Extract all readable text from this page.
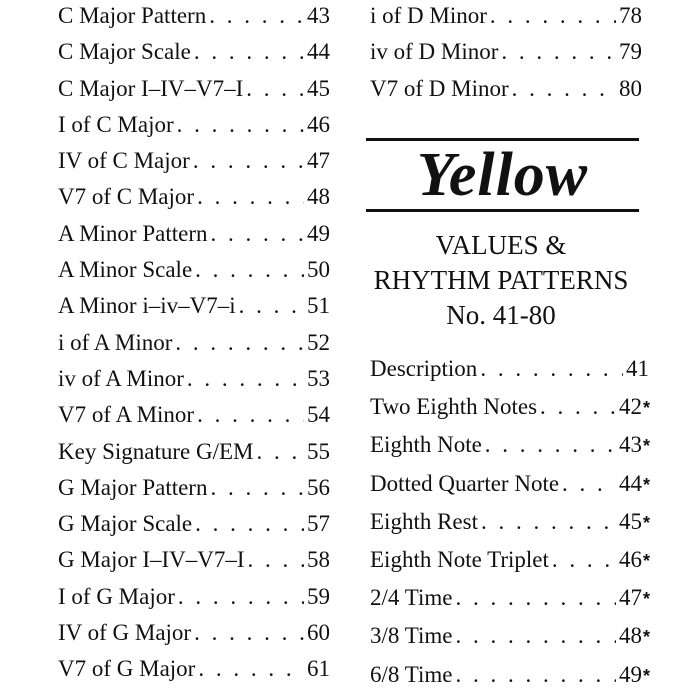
C Major Pattern . . .	43
C Major Scale . . .	44
C Major I–IV–V7–I . . .	45
I of C Major . . .	46
IV of C Major . . .	47
V7 of C Major . . .	48
A Minor Pattern . . .	49
A Minor Scale . . .	50
A Minor i–iv–V7–i . . .	51
i of A Minor . . .	52
iv of A Minor . . .	53
V7 of A Minor . . .	54
Key Signature G/EM . . . 55
G Major Pattern . . .	56
G Major Scale . . .	57
G Major I–IV–V7–I . . .	58
I of G Major . . .	59
IV of G Major . . .	60
V7 of G Major . . .	61
i of D Minor . . .	78
iv of D Minor . . .	79
V7 of D Minor . . .	80
Yellow
VALUES &
RHYTHM PATTERNS
No. 41-80
Description . . .	41
Two Eighth Notes . . .	42 *
Eighth Note . . .	43 *
Dotted Quarter Note . . .	44 *
Eighth Rest . . .	45 *
Eighth Note Triplet . . .	46 *
2/4 Time . . .	47 *
3/8 Time . . .	48 *
6/8 Time . . .	49 *
